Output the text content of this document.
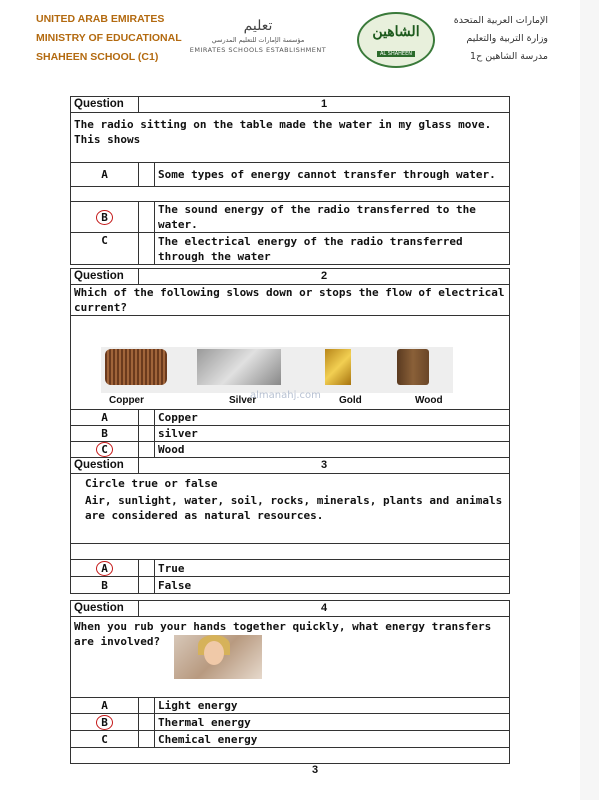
UNITED ARAB EMIRATES
MINISTRY OF EDUCATIONAL
SHAHEEN SCHOOL (C1)
تعليم
مؤسسة الإمارات للتعليم المدرسي
EMIRATES SCHOOLS ESTABLISHMENT
الشاهين
AL SHAHEEN
الإمارات العربية المتحدة
وزارة التربية والتعليم
مدرسة الشاهين ح1
Question	1	
The radio sitting on the table made the water in my glass move. This shows		
A		Some types of energy cannot transfer through water.

B		The sound energy of the radio transferred to the water.
C		The electrical energy of the radio transferred through the water
Question	2	
Which of the following slows down or stops the flow of electrical current?		

Copper Silver Gold Wood		

A		Copper
B		silver
C		Wood
Question	3	

Circle true or false
Air, sunlight, water, soil, rocks, minerals, plants and animals are considered as natural resources.		

A		True
B		False
Question	4	

When you rub your hands together quickly, what energy transfers are involved?		

A		Light energy
B		Thermal energy
C		Chemical energy

almanahj.com
3
